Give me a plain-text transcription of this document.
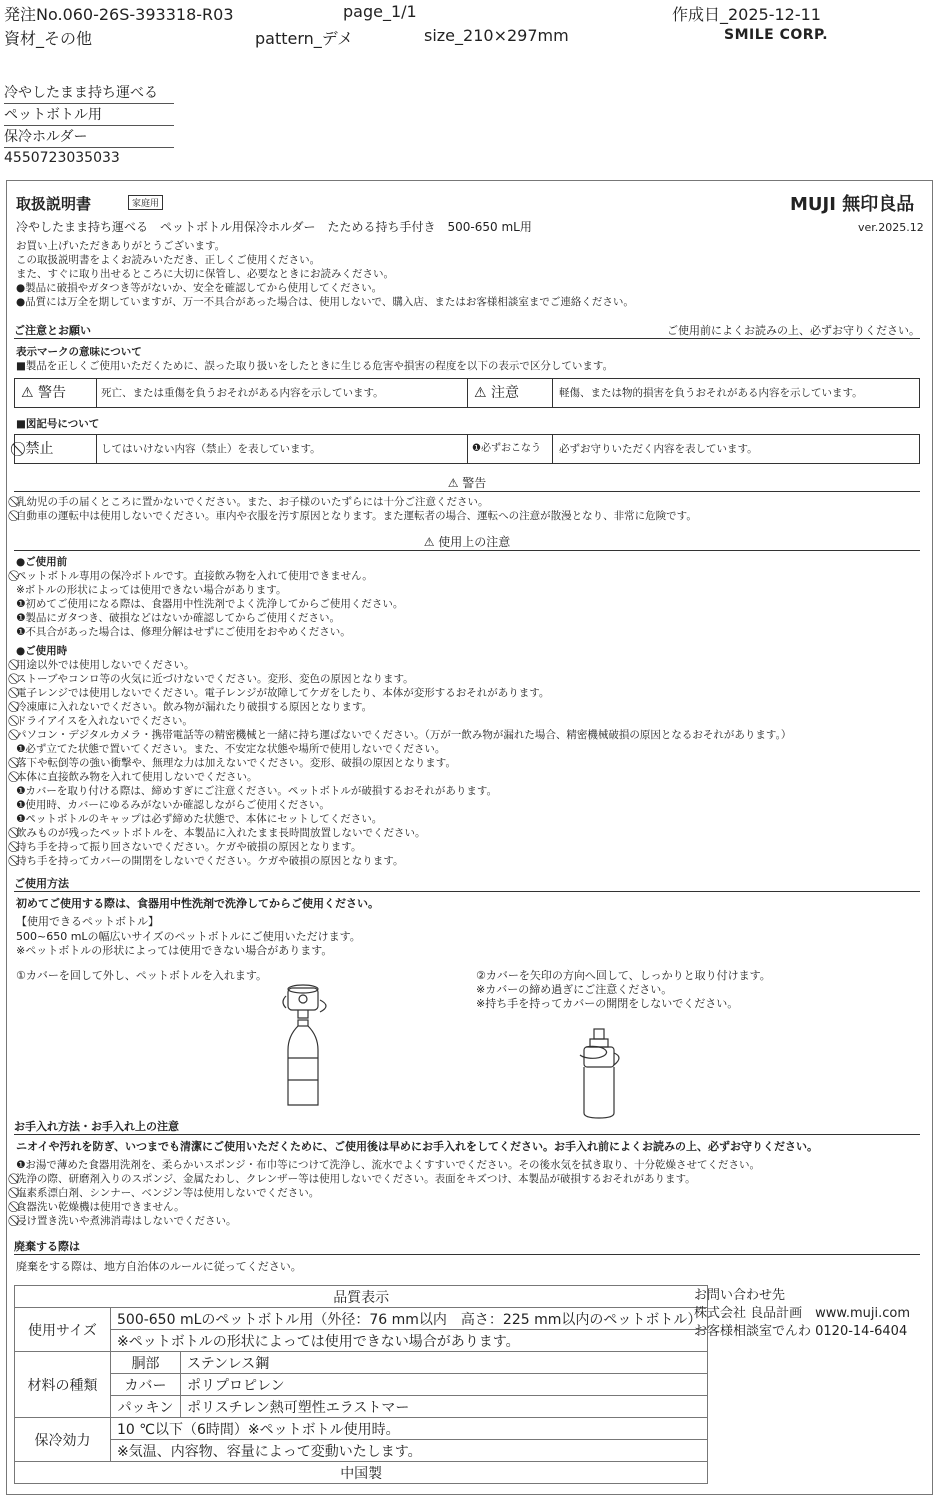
発注No.060-26S-393318-R03	page_1/1	作成日_2025-12-11
資材_その他	pattern_デメ	size_210×297mm	SMILE CORP.
冷やしたまま持ち運べる
ペットボトル用
保冷ホルダー
4550723035033
取扱説明書	家庭用	MUJI 無印良品
ver.2025.12
冷やしたまま持ち運べる　ペットボトル用保冷ホルダー　たためる持ち手付き　500-650 mL用
お買い上げいただきありがとうございます。
この取扱説明書をよくお読みいただき、正しくご使用ください。
また、すぐに取り出せるところに大切に保管し、必要なときにお読みください。
●製品に破損やガタつき等がないか、安全を確認してから使用してください。
●品質には万全を期していますが、万一不具合があった場合は、使用しないで、購入店、またはお客様相談室までご連絡ください。
ご注意とお願い	ご使用前によくお読みの上、必ずお守りください。
表示マークの意味について
■製品を正しくご使用いただくために、誤った取り扱いをしたときに生じる危害や損害の程度を以下の表示で区分しています。
⚠ 警告	死亡、または重傷を負うおそれがある内容を示しています。	⚠ 注意	軽傷、または物的損害を負うおそれがある内容を示しています。
■図記号について
禁止	してはいけない内容（禁止）を表しています。	❶必ずおこなう	必ずお守りいただく内容を表しています。
⚠ 警告
⃠乳幼児の手の届くところに置かないでください。また、お子様のいたずらには十分ご注意ください。
⃠自動車の運転中は使用しないでください。車内や衣服を汚す原因となります。また運転者の場合、運転への注意が散漫となり、非常に危険です。
⚠ 使用上の注意
●ご使用前
⃠ペットボトル専用の保冷ボトルです。直接飲み物を入れて使用できません。
※ボトルの形状によっては使用できない場合があります。
❶初めてご使用になる際は、食器用中性洗剤でよく洗浄してからご使用ください。
❶製品にガタつき、破損などはないか確認してからご使用ください。
❶不具合があった場合は、修理分解はせずにご使用をおやめください。
●ご使用時
⃠用途以外では使用しないでください。
⃠ストーブやコンロ等の火気に近づけないでください。変形、変色の原因となります。
⃠電子レンジでは使用しないでください。電子レンジが故障してケガをしたり、本体が変形するおそれがあります。
⃠冷凍庫に入れないでください。飲み物が漏れたり破損する原因となります。
⃠ドライアイスを入れないでください。
⃠パソコン・デジタルカメラ・携帯電話等の精密機械と一緒に持ち運ばないでください。（万が一飲み物が漏れた場合、精密機械破損の原因となるおそれがあります。）
❶必ず立てた状態で置いてください。また、不安定な状態や場所で使用しないでください。
⃠落下や転倒等の強い衝撃や、無理な力は加えないでください。変形、破損の原因となります。
⃠本体に直接飲み物を入れて使用しないでください。
❶カバーを取り付ける際は、締めすぎにご注意ください。ペットボトルが破損するおそれがあります。
❶使用時、カバーにゆるみがないか確認しながらご使用ください。
❶ペットボトルのキャップは必ず締めた状態で、本体にセットしてください。
⃠飲みものが残ったペットボトルを、本製品に入れたまま長時間放置しないでください。
⃠持ち手を持って振り回さないでください。ケガや破損の原因となります。
⃠持ち手を持ってカバーの開閉をしないでください。ケガや破損の原因となります。
ご使用方法
初めてご使用する際は、食器用中性洗剤で洗浄してからご使用ください。
【使用できるペットボトル】
500~650 mLの幅広いサイズのペットボトルにご使用いただけます。
※ペットボトルの形状によっては使用できない場合があります。
①カバーを回して外し、ペットボトルを入れます。	②カバーを矢印の方向へ回して、しっかりと取り付けます。
※カバーの締め過ぎにご注意ください。
※持ち手を持ってカバーの開閉をしないでください。
お手入れ方法・お手入れ上の注意
ニオイや汚れを防ぎ、いつまでも清潔にご使用いただくために、ご使用後は早めにお手入れをしてください。お手入れ前によくお読みの上、必ずお守りください。
❶お湯で薄めた食器用洗剤を、柔らかいスポンジ・布巾等につけて洗浄し、流水でよくすすいでください。その後水気を拭き取り、十分乾燥させてください。
⃠洗浄の際、研磨剤入りのスポンジ、金属たわし、クレンザー等は使用しないでください。表面をキズつけ、本製品が破損するおそれがあります。
⃠塩素系漂白剤、シンナー、ベンジン等は使用しないでください。
⃠食器洗い乾燥機は使用できません。
⃠浸け置き洗いや煮沸消毒はしないでください。
廃棄する際は
廃棄をする際は、地方自治体のルールに従ってください。
品質表示		
使用サイズ	500-650 mLのペットボトル用（外径：76 mm以内　高さ：225 mm以内のペットボトル）	
	※ペットボトルの形状によっては使用できない場合があります。	
材料の種類	胴部	ステンレス鋼
	カバー	ポリプロピレン
	パッキン	ポリスチレン熱可塑性エラストマー
保冷効力	10 ℃以下（6時間）※ペットボトル使用時。	
	※気温、内容物、容量によって変動いたします。	
中国製		
お問い合わせ先
株式会社 良品計画　www.muji.com
お客様相談室でんわ 0120-14-6404
